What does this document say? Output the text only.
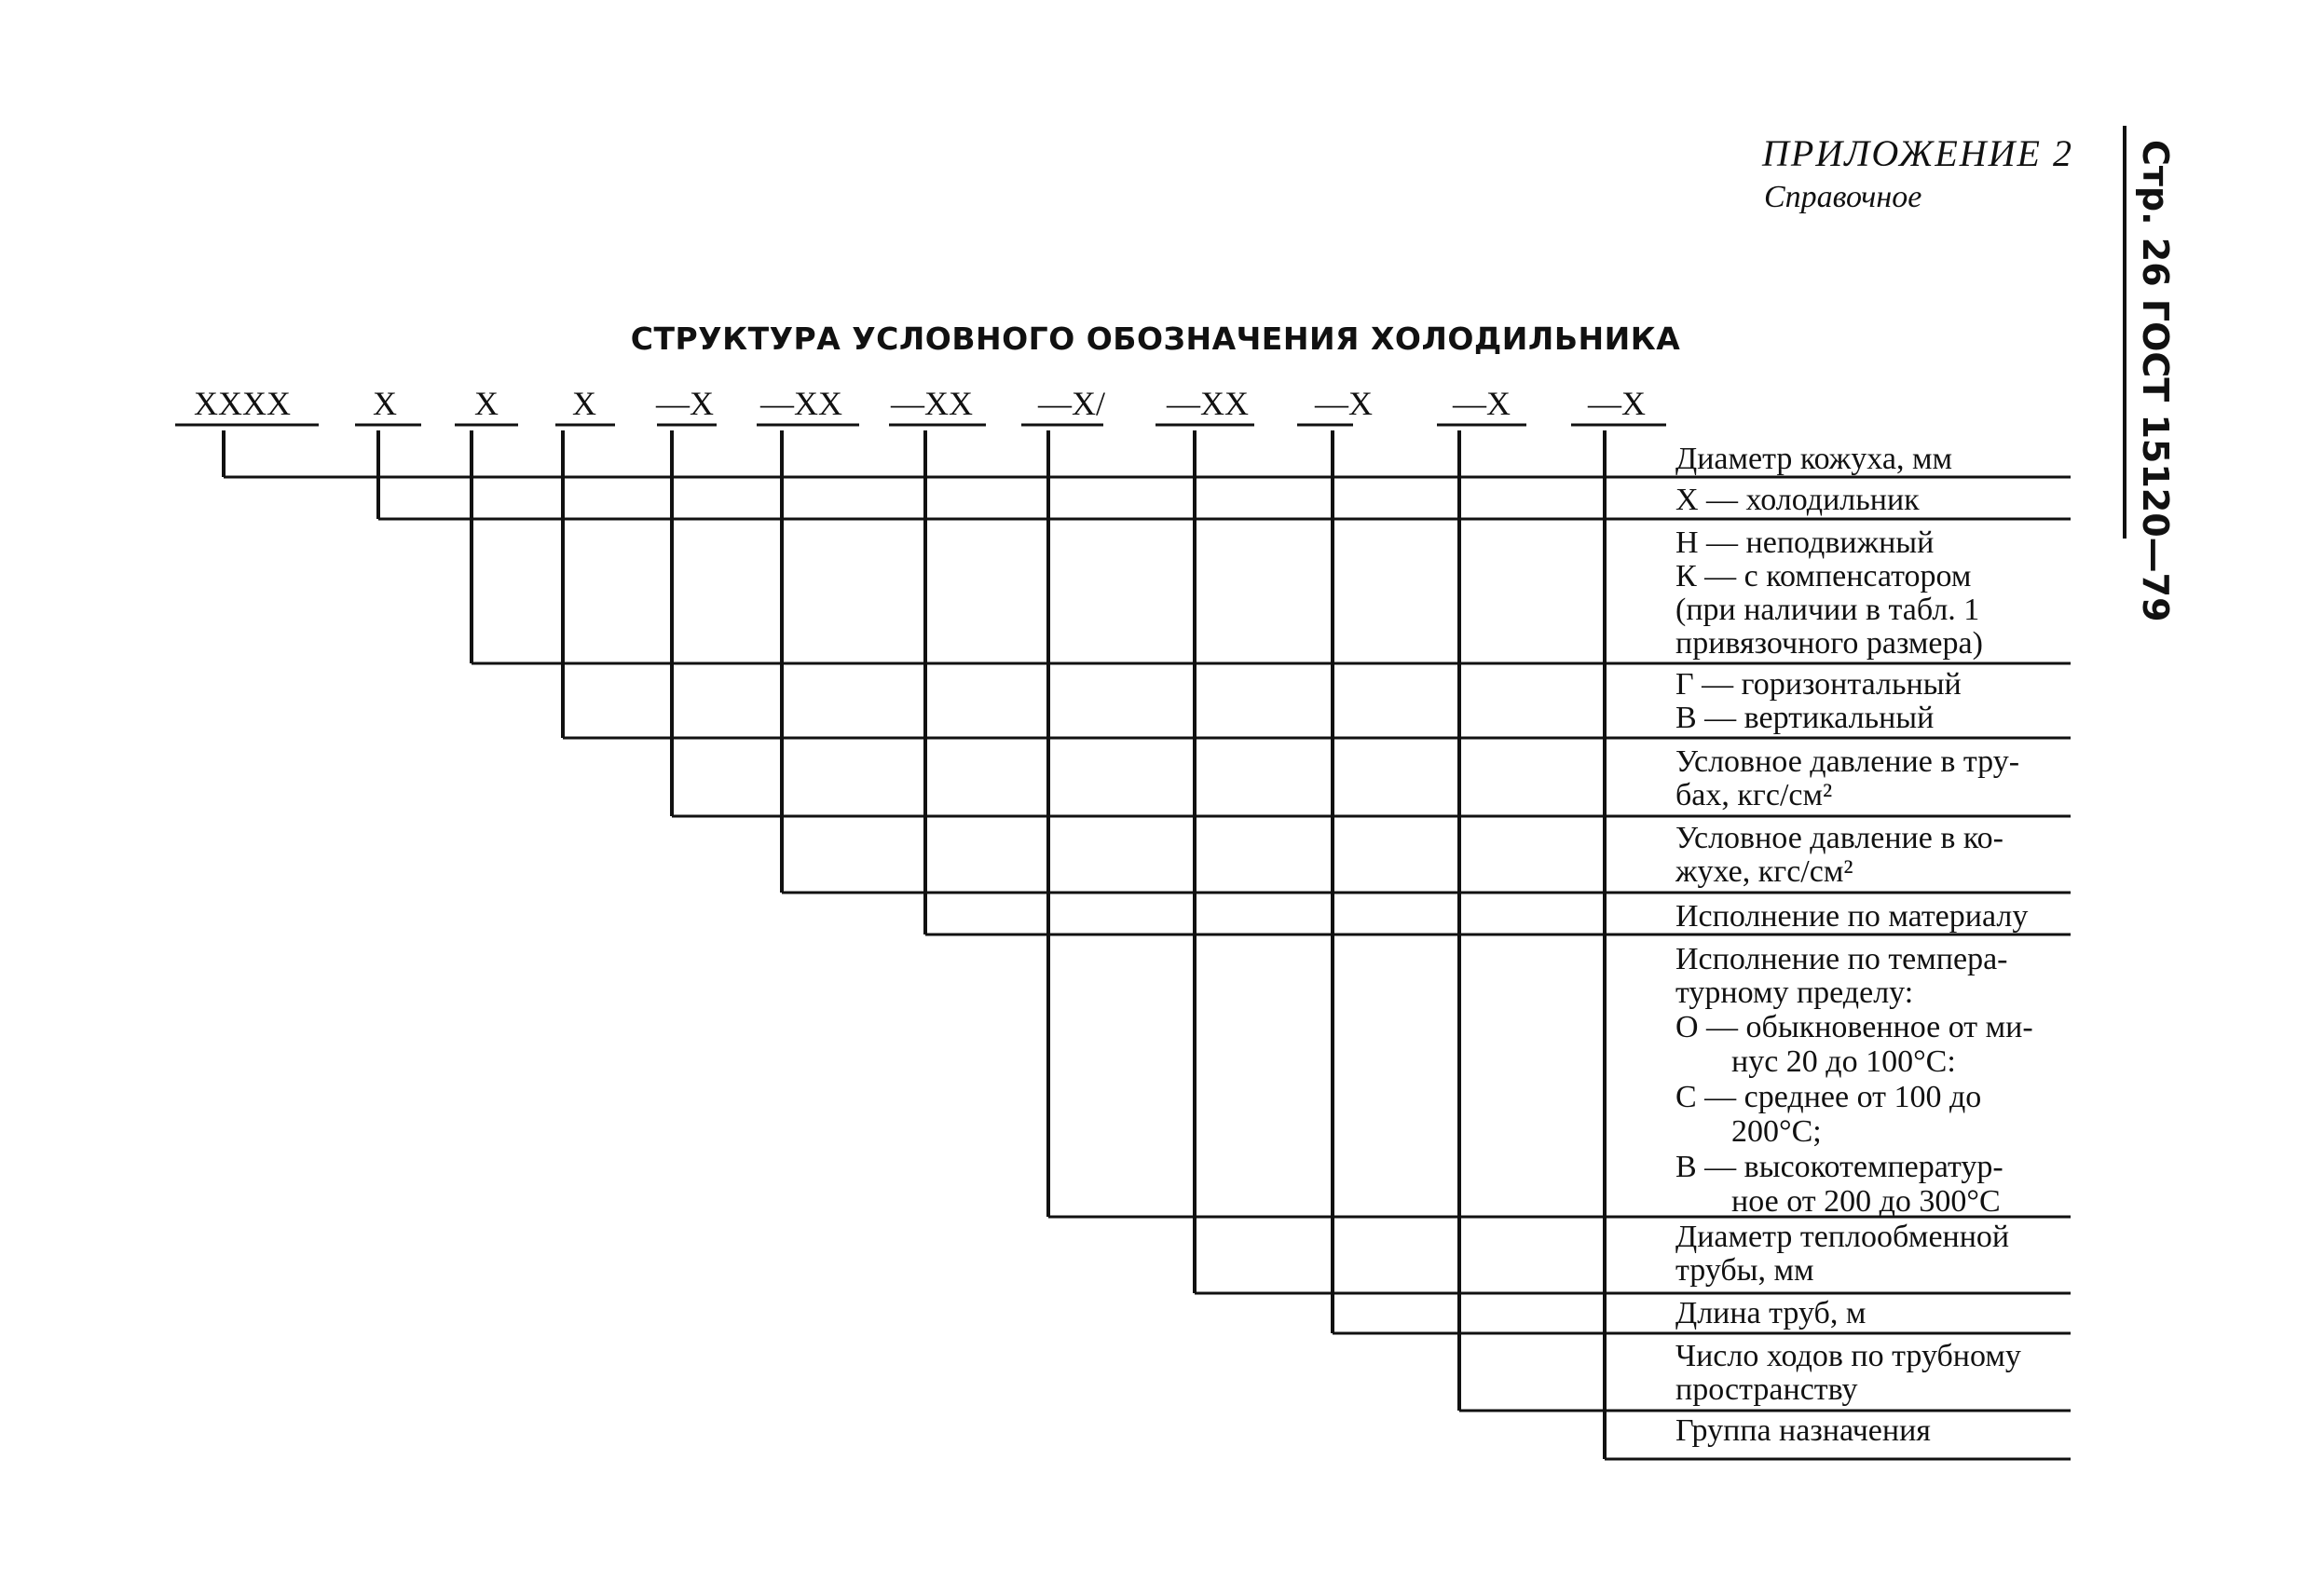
ПРИЛОЖЕНИЕ 2
Справочное	Стр. 26 ГОСТ 15120—79
СТРУКТУРА УСЛОВНОГО ОБОЗНАЧЕНИЯ ХОЛОДИЛЬНИКА
XXXX X X X —X —XX —XX —X/ —XX —X —X —X
Диаметр кожуха, мм
Х — холодильник
Н — неподвижный К — с компенсатором (при наличии в табл. 1 привязочного размера)
Г — горизонтальный В — вертикальный
Условное давление в тру- бах, кгс/см²
Условное давление в ко- жухе, кгс/см²
Исполнение по материалу
Исполнение по темпера- турному пределу: О — обыкновенное от ми- нус 20 до 100°С: С — среднее от 100 до 200°С; В — высокотемператур- ное от 200 до 300°С
Диаметр теплообменной трубы, мм
Длина труб, м
Число ходов по трубному пространству
Группа назначения
